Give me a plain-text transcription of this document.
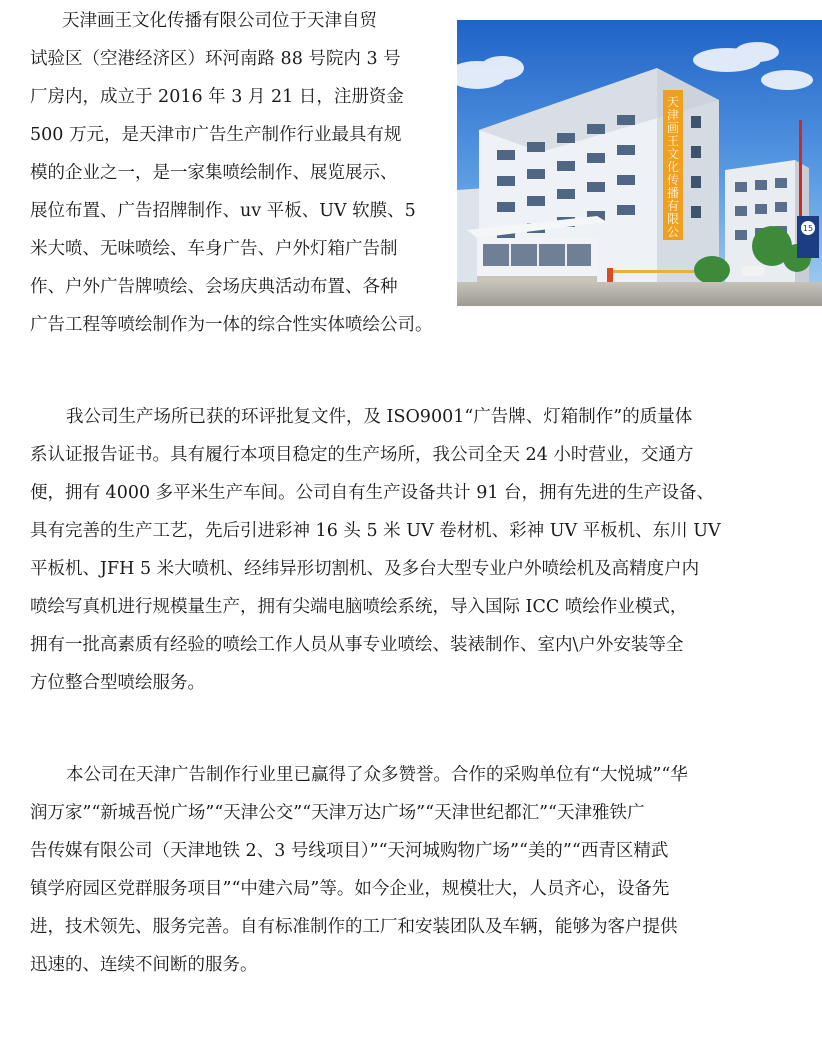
天
津
画
王
文
化
传
播
有
限
公	15
天津画王文化传播有限公司位于天津自贸
试验区（空港经济区）环河南路 88 号院内 3 号
厂房内，成立于 2016 年 3 月 21 日，注册资金
500 万元，是天津市广告生产制作行业最具有规
模的企业之一，是一家集喷绘制作、展览展示、
展位布置、广告招牌制作、uv 平板、UV 软膜、5
米大喷、无味喷绘、车身广告、户外灯箱广告制
作、户外广告牌喷绘、会场庆典活动布置、各种
广告工程等喷绘制作为一体的综合性实体喷绘公司。
我公司生产场所已获的环评批复文件，及 ISO9001“广告牌、灯箱制作”的质量体
系认证报告证书。具有履行本项目稳定的生产场所，我公司全天 24 小时营业，交通方
便，拥有 4000 多平米生产车间。公司自有生产设备共计 91 台，拥有先进的生产设备、
具有完善的生产工艺，先后引进彩神 16 头 5 米 UV 卷材机、彩神 UV 平板机、东川 UV
平板机、JFH 5 米大喷机、经纬异形切割机、及多台大型专业户外喷绘机及高精度户内
喷绘写真机进行规模量生产，拥有尖端电脑喷绘系统，导入国际 ICC 喷绘作业模式，
拥有一批高素质有经验的喷绘工作人员从事专业喷绘、装裱制作、室内\户外安装等全
方位整合型喷绘服务。
本公司在天津广告制作行业里已赢得了众多赞誉。合作的采购单位有“大悦城”“华
润万家”“新城吾悦广场”“天津公交”“天津万达广场”“天津世纪都汇”“天津雅铁广
告传媒有限公司（天津地铁 2、3 号线项目）”“天河城购物广场”“美的”“西青区精武
镇学府园区党群服务项目”“中建六局”等。如今企业，规模壮大，人员齐心，设备先
进，技术领先、服务完善。自有标准制作的工厂和安装团队及车辆，能够为客户提供
迅速的、连续不间断的服务。
